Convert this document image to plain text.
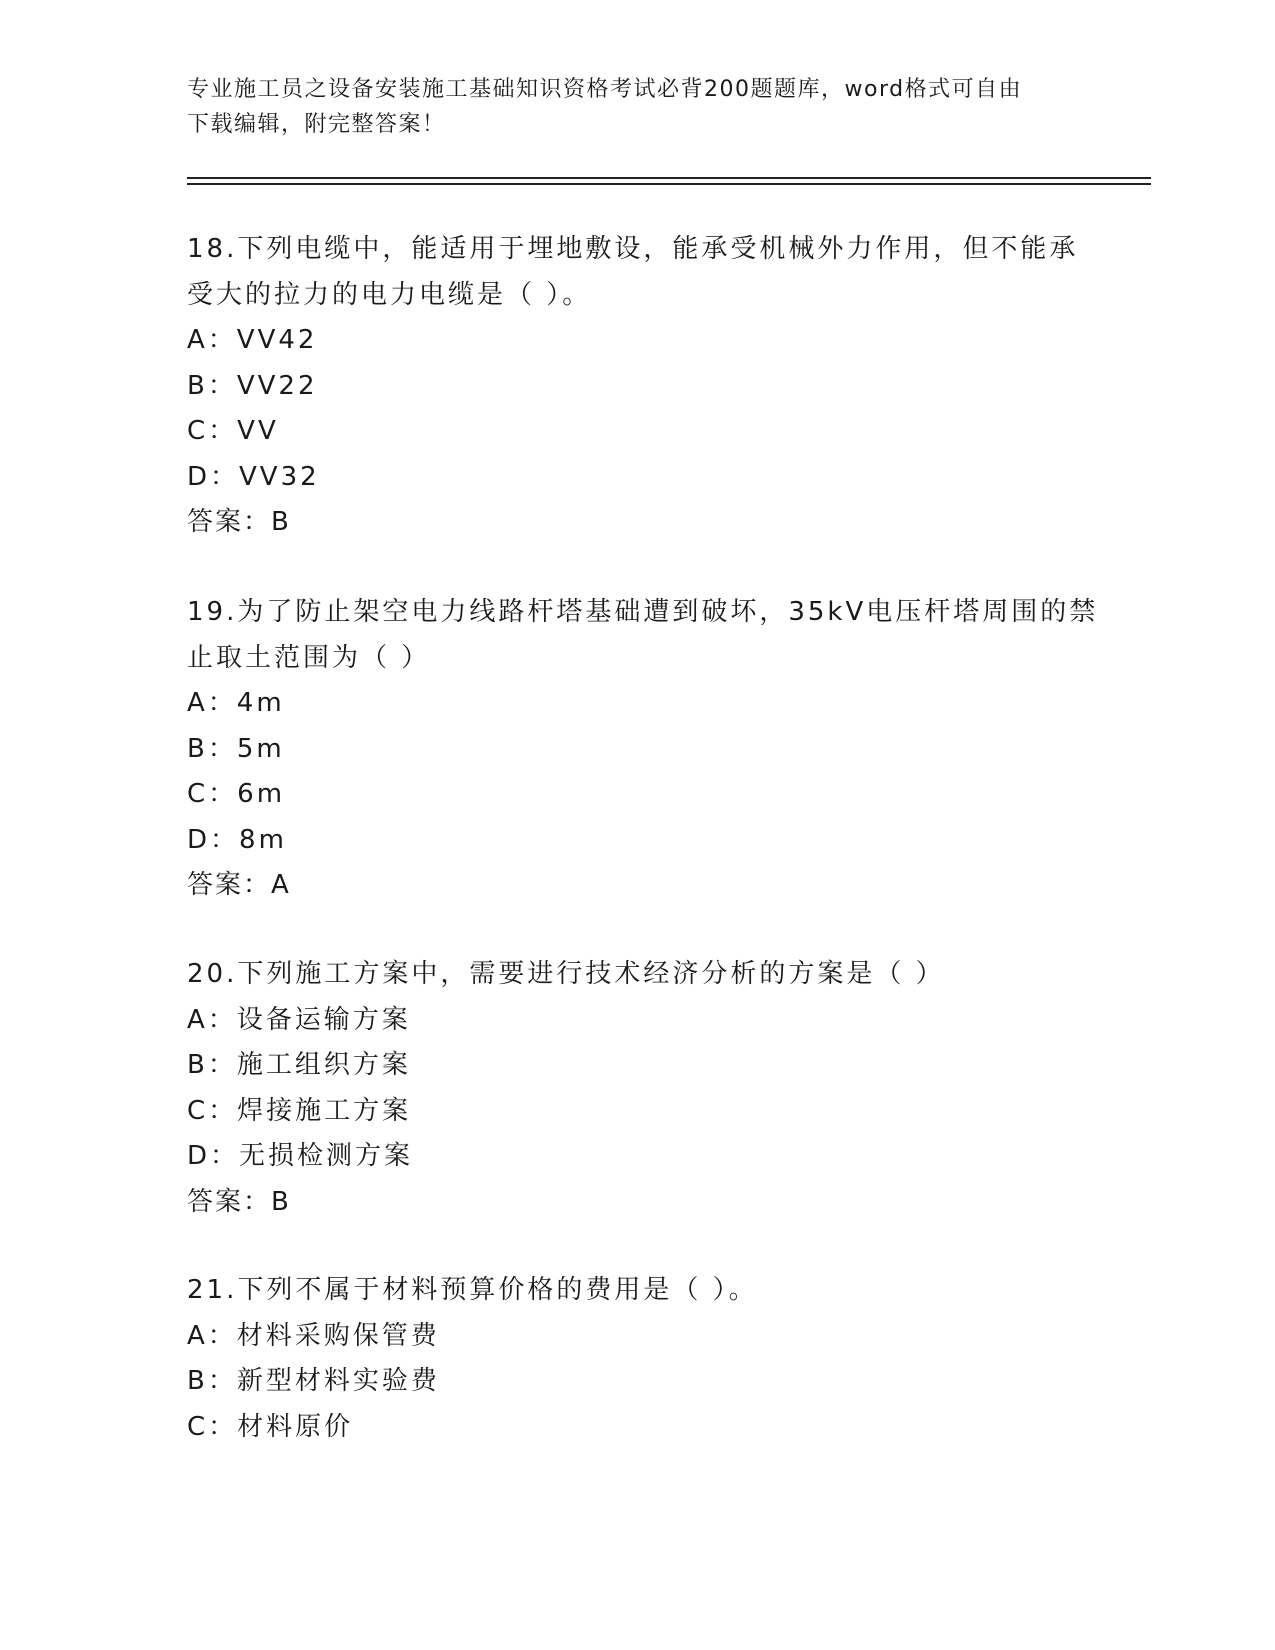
专业施工员之设备安装施工基础知识资格考试必背200题题库，word格式可自由
下载编辑，附完整答案！
18.下列电缆中，能适用于埋地敷设，能承受机械外力作用，但不能承
受大的拉力的电力电缆是（ ）。
A：VV42
B：VV22
C：VV
D：VV32
答案：B
19.为了防止架空电力线路杆塔基础遭到破坏，35kV电压杆塔周围的禁
止取土范围为（ ）
A：4m
B：5m
C：6m
D：8m
答案：A
20.下列施工方案中，需要进行技术经济分析的方案是（ ）
A：设备运输方案
B：施工组织方案
C：焊接施工方案
D：无损检测方案
答案：B
21.下列不属于材料预算价格的费用是（ ）。
A：材料采购保管费
B：新型材料实验费
C：材料原价
